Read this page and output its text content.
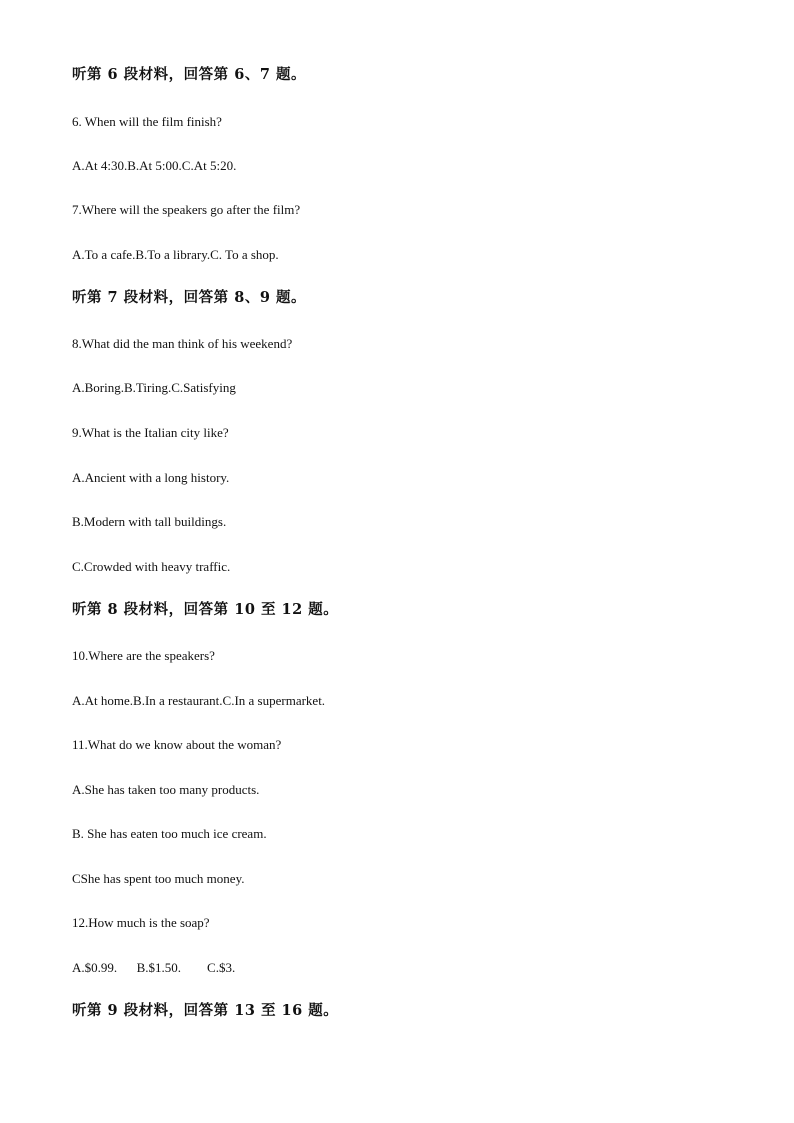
听第 6 段材料，回答第 6、7 题。
6. When will the film finish?
A.At 4:30.B.At 5:00.C.At 5:20.
7.Where will the speakers go after the film?
A.To a cafe.B.To a library.C. To a shop.
听第 7 段材料，回答第 8、9 题。
8.What did the man think of his weekend?
A.Boring.B.Tiring.C.Satisfying
9.What is the Italian city like?
A.Ancient with a long history.
B.Modern with tall buildings.
C.Crowded with heavy traffic.
听第 8 段材料，回答第 10 至 12 题。
10.Where are the speakers?
A.At home.B.In a restaurant.C.In a supermarket.
11.What do we know about the woman?
A.She has taken too many products.
B. She has eaten too much ice cream.
CShe has spent too much money.
12.How much is the soap?
A.$0.99.      B.$1.50.        C.$3.
听第 9 段材料，回答第 13 至 16 题。
